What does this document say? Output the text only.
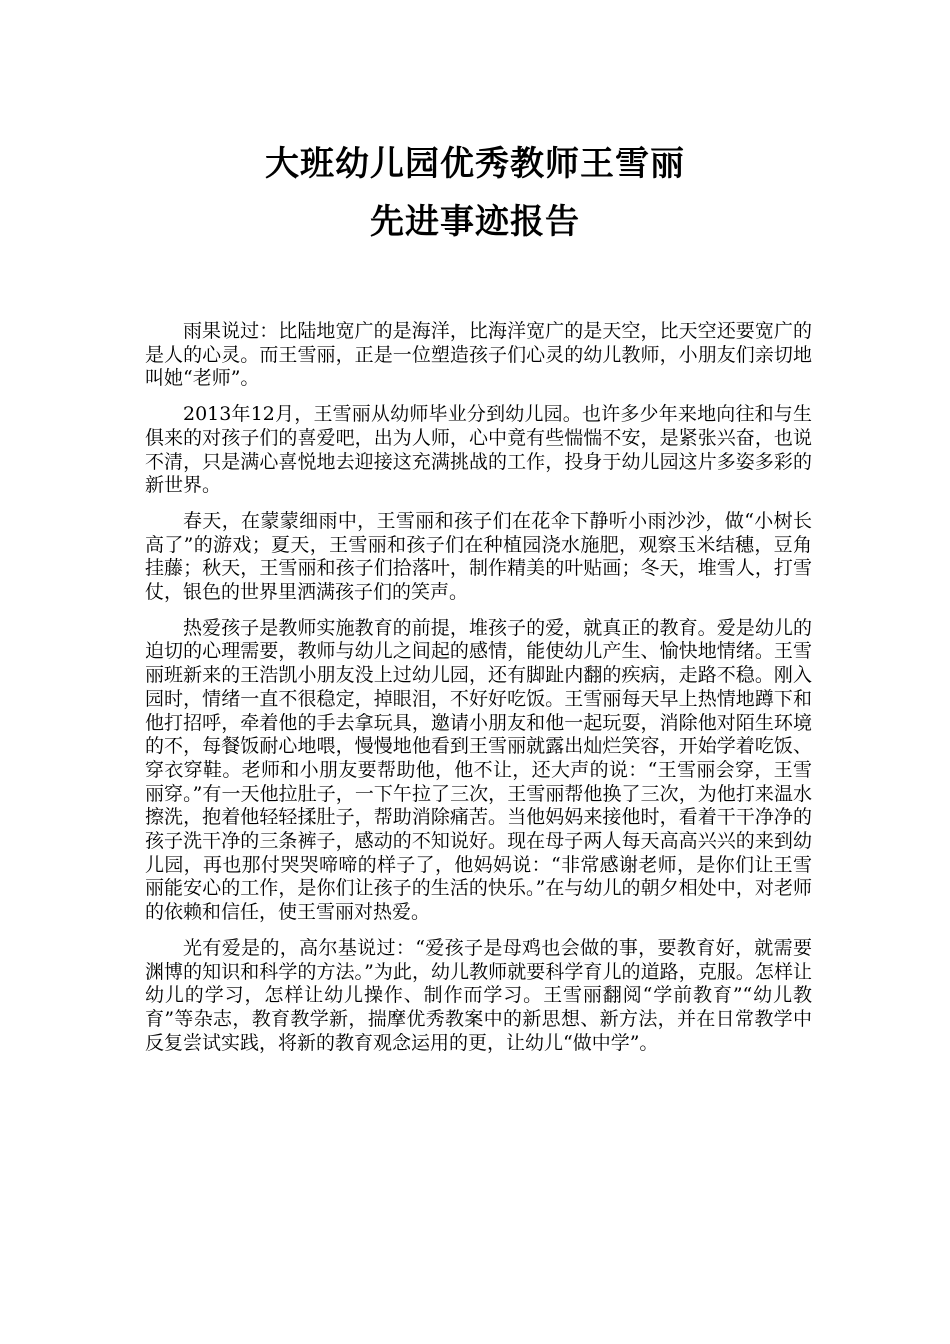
大班幼儿园优秀教师王雪丽
先进事迹报告

雨果说过：比陆地宽广的是海洋，比海洋宽广的是天空，比天空还要宽广的是人的心灵。而王雪丽，正是一位塑造孩子们心灵的幼儿教师，小朋友们亲切地叫她“老师”。

2013年12月，王雪丽从幼师毕业分到幼儿园。也许多少年来地向往和与生俱来的对孩子们的喜爱吧，出为人师，心中竟有些惴惴不安，是紧张兴奋，也说不清，只是满心喜悦地去迎接这充满挑战的工作，投身于幼儿园这片多姿多彩的新世界。

春天，在蒙蒙细雨中，王雪丽和孩子们在花伞下静听小雨沙沙，做“小树长高了”的游戏；夏天，王雪丽和孩子们在种植园浇水施肥，观察玉米结穗，豆角挂藤；秋天，王雪丽和孩子们拾落叶，制作精美的叶贴画；冬天，堆雪人，打雪仗，银色的世界里洒满孩子们的笑声。

热爱孩子是教师实施教育的前提，堆孩子的爱，就真正的教育。爱是幼儿的迫切的心理需要，教师与幼儿之间起的感情，能使幼儿产生、愉快地情绪。王雪丽班新来的王浩凯小朋友没上过幼儿园，还有脚趾内翻的疾病，走路不稳。刚入园时，情绪一直不很稳定，掉眼泪，不好好吃饭。王雪丽每天早上热情地蹲下和他打招呼，牵着他的手去拿玩具，邀请小朋友和他一起玩耍，消除他对陌生环境的不，每餐饭耐心地喂，慢慢地他看到王雪丽就露出灿烂笑容，开始学着吃饭、穿衣穿鞋。老师和小朋友要帮助他，他不让，还大声的说：“王雪丽会穿，王雪丽穿。”有一天他拉肚子，一下午拉了三次，王雪丽帮他换了三次，为他打来温水擦洗，抱着他轻轻揉肚子，帮助消除痛苦。当他妈妈来接他时，看着干干净净的孩子洗干净的三条裤子，感动的不知说好。现在母子两人每天高高兴兴的来到幼儿园，再也那付哭哭啼啼的样子了，他妈妈说：“非常感谢老师，是你们让王雪丽能安心的工作，是你们让孩子的生活的快乐。”在与幼儿的朝夕相处中，对老师的依赖和信任，使王雪丽对热爱。

光有爱是的，高尔基说过：“爱孩子是母鸡也会做的事，要教育好，就需要渊博的知识和科学的方法。”为此，幼儿教师就要科学育儿的道路，克服。怎样让幼儿的学习，怎样让幼儿操作、制作而学习。王雪丽翻阅“学前教育”“幼儿教育”等杂志，教育教学新，揣摩优秀教案中的新思想、新方法，并在日常教学中反复尝试实践，将新的教育观念运用的更，让幼儿“做中学”。
